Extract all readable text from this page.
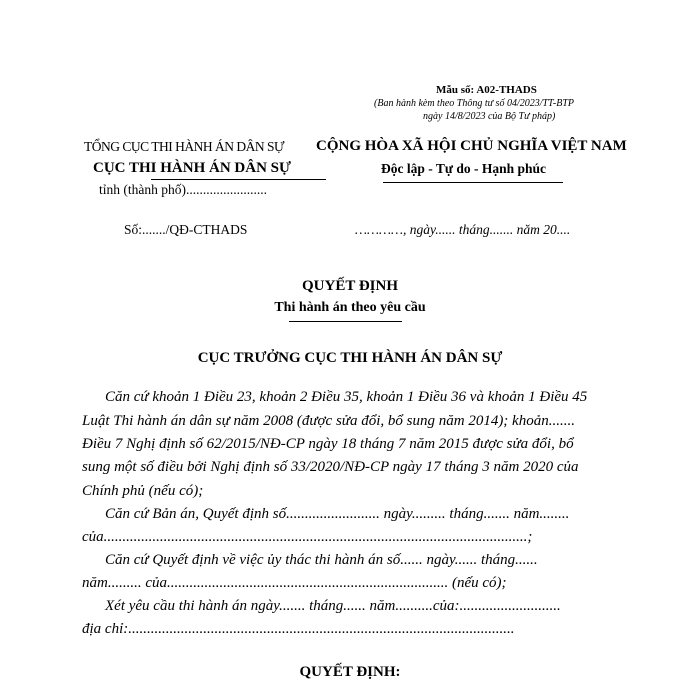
Mẫu số: A02-THADS
(Ban hành kèm theo Thông tư số 04/2023/TT-BTP
ngày 14/8/2023 của Bộ Tư pháp)
TỔNG CỤC THI HÀNH ÁN DÂN SỰ
CỤC THI HÀNH ÁN DÂN SỰ
tỉnh (thành phố)........................
CỘNG HÒA XÃ HỘI CHỦ NGHĨA VIỆT NAM
Độc lập - Tự do - Hạnh phúc
Số:......./QĐ-CTHADS	…………, ngày...... tháng....... năm 20....
QUYẾT ĐỊNH
Thi hành án theo yêu cầu
CỤC TRƯỞNG CỤC THI HÀNH ÁN DÂN SỰ
Căn cứ khoản 1 Điều 23, khoản 2 Điều 35, khoản 1 Điều 36 và khoản 1 Điều 45
Luật Thi hành án dân sự năm 2008 (được sửa đổi, bổ sung năm 2014); khoản.......
Điều 7 Nghị định số 62/2015/NĐ-CP ngày 18 tháng 7 năm 2015 được sửa đổi, bổ
sung một số điều bởi Nghị định số 33/2020/NĐ-CP ngày 17 tháng 3 năm 2020 của
Chính phủ (nếu có);
Căn cứ Bản án, Quyết định số......................... ngày......... tháng....... năm........
của.................................................................................................................;
Căn cứ Quyết định về việc ủy thác thi hành án số...... ngày...... tháng......
năm......... của........................................................................... (nếu có);
Xét yêu cầu thi hành án ngày....... tháng...... năm..........của:...........................
địa chỉ:.......................................................................................................
QUYẾT ĐỊNH:
